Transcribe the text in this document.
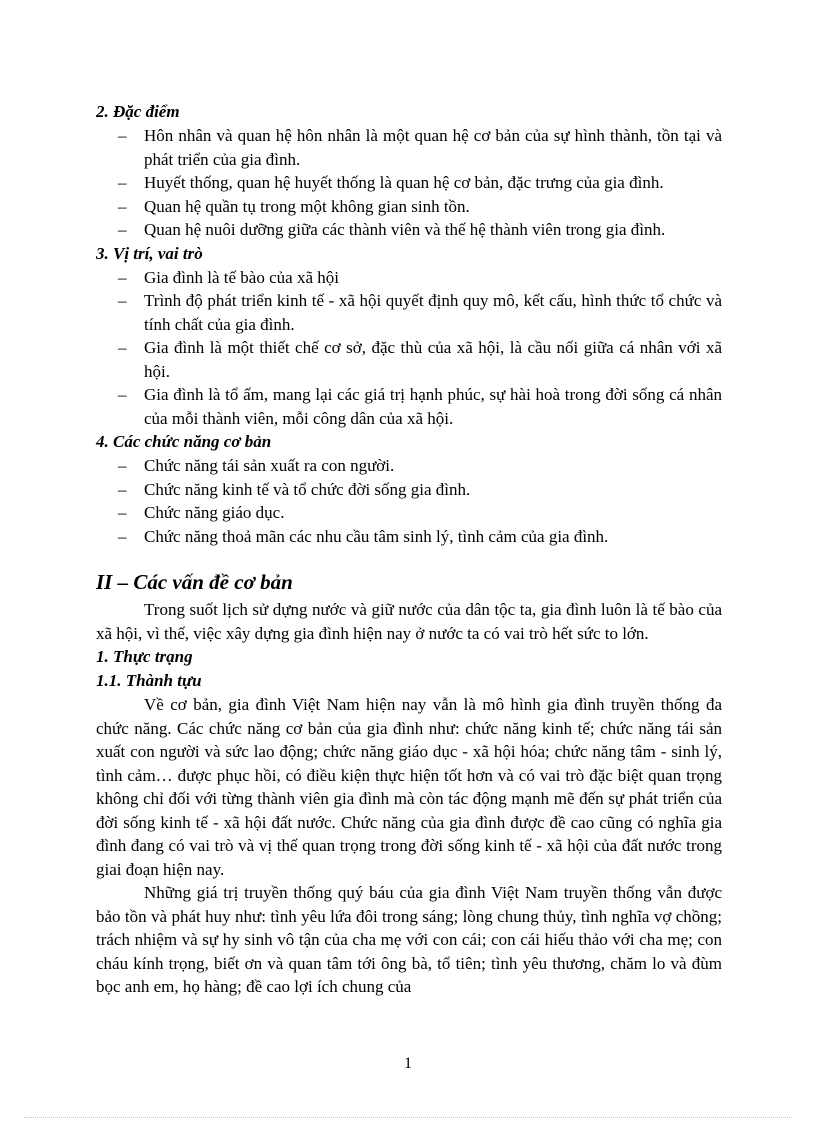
2. Đặc điểm

– Hôn nhân và quan hệ hôn nhân là một quan hệ cơ bản của sự hình thành, tồn tại và phát triển của gia đình.
– Huyết thống, quan hệ huyết thống là quan hệ cơ bản, đặc trưng của gia đình.
– Quan hệ quần tụ trong một không gian sinh tồn.
– Quan hệ nuôi dưỡng giữa các thành viên và thế hệ thành viên trong gia đình.

3. Vị trí, vai trò

– Gia đình là tế bào của xã hội
– Trình độ phát triển kinh tế - xã hội quyết định quy mô, kết cấu, hình thức tổ chức và tính chất của gia đình.
– Gia đình là một thiết chế cơ sở, đặc thù của xã hội, là cầu nối giữa cá nhân với xã hội.
– Gia đình là tổ ấm, mang lại các giá trị hạnh phúc, sự hài hoà trong đời sống cá nhân của mỗi thành viên, mỗi công dân của xã hội.

4. Các chức năng cơ bản

– Chức năng tái sản xuất ra con người.
– Chức năng kinh tế và tổ chức đời sống gia đình.
– Chức năng giáo dục.
– Chức năng thoả mãn các nhu cầu tâm sinh lý, tình cảm của gia đình.

II – Các vấn đề cơ bản

Trong suốt lịch sử dựng nước và giữ nước của dân tộc ta, gia đình luôn là tế bào của xã hội, vì thế, việc xây dựng gia đình hiện nay ở nước ta có vai trò hết sức to lớn.

1. Thực trạng

1.1. Thành tựu

Về cơ bản, gia đình Việt Nam hiện nay vẫn là mô hình gia đình truyền thống đa chức năng. Các chức năng cơ bản của gia đình như: chức năng kinh tế; chức năng tái sản xuất con người và sức lao động; chức năng giáo dục - xã hội hóa; chức năng tâm - sinh lý, tình cảm… được phục hồi, có điều kiện thực hiện tốt hơn và có vai trò đặc biệt quan trọng không chỉ đối với từng thành viên gia đình mà còn tác động mạnh mẽ đến sự phát triển của đời sống kinh tế - xã hội đất nước. Chức năng của gia đình được đề cao cũng có nghĩa gia đình đang có vai trò và vị thế quan trọng trong đời sống kinh tế - xã hội của đất nước trong giai đoạn hiện nay.

Những giá trị truyền thống quý báu của gia đình Việt Nam truyền thống vẫn được bảo tồn và phát huy như: tình yêu lứa đôi trong sáng; lòng chung thủy, tình nghĩa vợ chồng; trách nhiệm và sự hy sinh vô tận của cha mẹ với con cái; con cái hiếu thảo với cha mẹ; con cháu kính trọng, biết ơn và quan tâm tới ông bà, tổ tiên; tình yêu thương, chăm lo và đùm bọc anh em, họ hàng; đề cao lợi ích chung của

1
